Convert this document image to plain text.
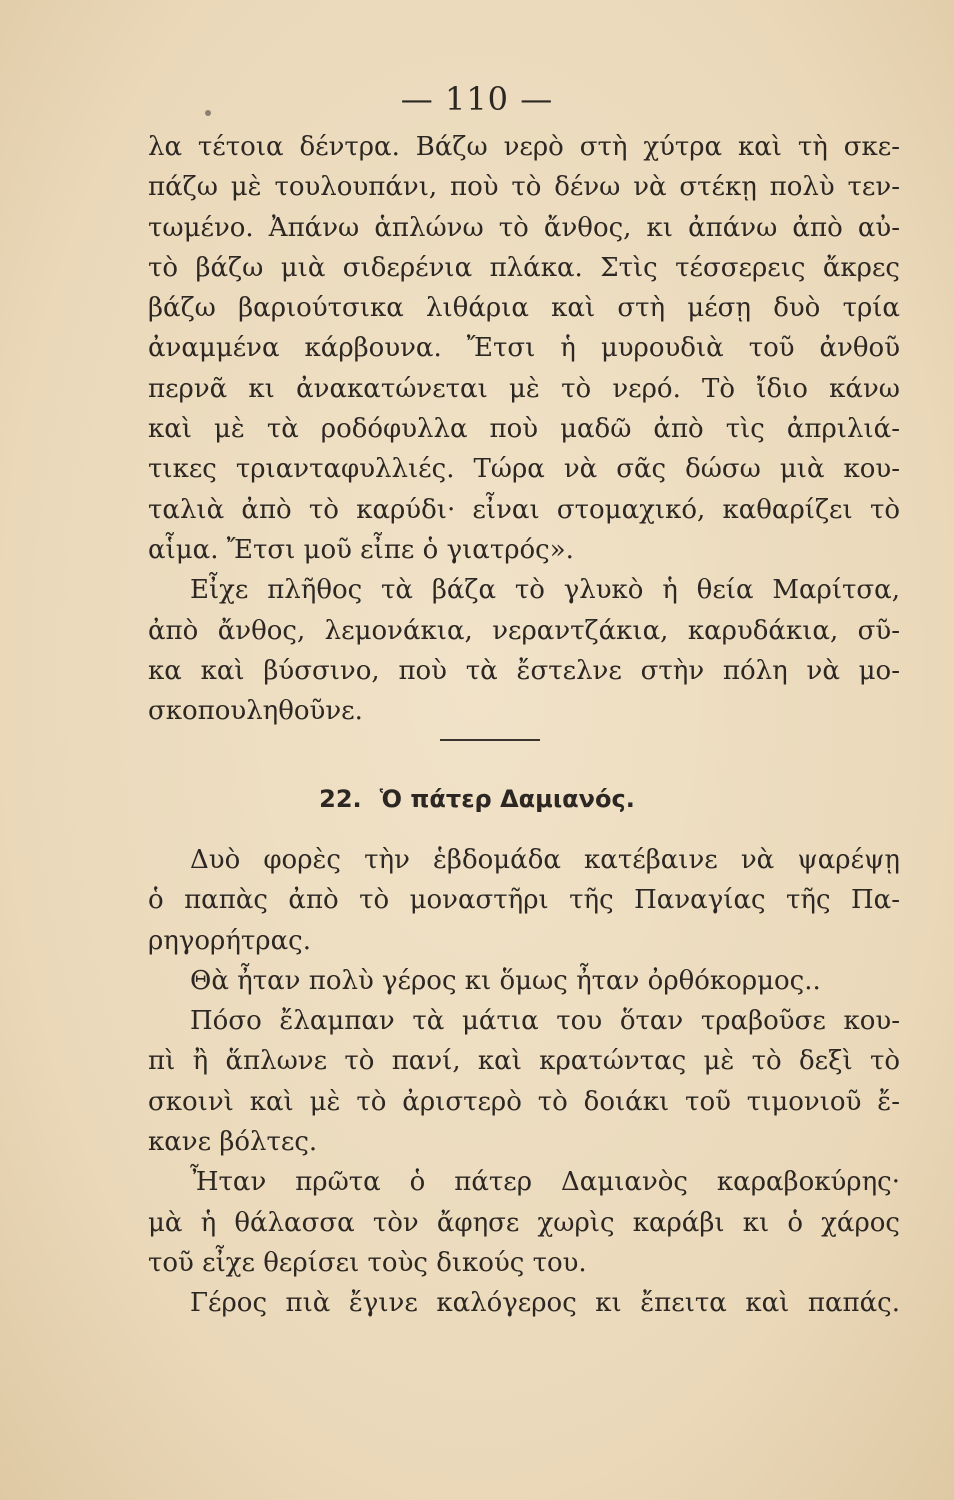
— 110 —
λα τέτοια δέντρα. Βάζω νερὸ στὴ χύτρα καὶ τὴ σκε-
πάζω μὲ τουλουπάνι, ποὺ τὸ δένω νὰ στέκῃ πολὺ τεν-
τωμένο. Ἀπάνω ἁπλώνω τὸ ἄνθος, κι ἀπάνω ἀπὸ αὐ-
τὸ βάζω μιὰ σιδερένια πλάκα. Στὶς τέσσερεις ἄκρες
βάζω βαριούτσικα λιθάρια καὶ στὴ μέσῃ δυὸ τρία
ἀναμμένα κάρβουνα. Ἔτσι ἡ μυρουδιὰ τοῦ ἀνθοῦ
περνᾶ κι ἀνακατώνεται μὲ τὸ νερό. Τὸ ἴδιο κάνω
καὶ μὲ τὰ ροδόφυλλα ποὺ μαδῶ ἀπὸ τὶς ἀπριλιά-
τικες τριανταφυλλιές. Τώρα νὰ σᾶς δώσω μιὰ κου-
ταλιὰ ἀπὸ τὸ καρύδι· εἶναι στομαχικό, καθαρίζει τὸ
αἷμα. Ἔτσι μοῦ εἶπε ὁ γιατρός».
Εἶχε πλῆθος τὰ βάζα τὸ γλυκὸ ἡ θεία Μαρίτσα,
ἀπὸ ἄνθος, λεμονάκια, νεραντζάκια, καρυδάκια, σῦ-
κα καὶ βύσσινο, ποὺ τὰ ἔστελνε στὴν πόλη νὰ μο-
σκοπουληθοῦνε.
22. Ὁ πάτερ Δαμιανός.
Δυὸ φορὲς τὴν ἑβδομάδα κατέβαινε νὰ ψαρέψῃ
ὁ παπὰς ἀπὸ τὸ μοναστῆρι τῆς Παναγίας τῆς Πα-
ρηγορήτρας.
Θὰ ἦταν πολὺ γέρος κι ὅμως ἦταν ὀρθόκορμος..
Πόσο ἔλαμπαν τὰ μάτια του ὅταν τραβοῦσε κου-
πὶ ἢ ἅπλωνε τὸ πανί, καὶ κρατώντας μὲ τὸ δεξὶ τὸ
σκοινὶ καὶ μὲ τὸ ἀριστερὸ τὸ δοιάκι τοῦ τιμονιοῦ ἔ-
κανε βόλτες.
Ἦταν πρῶτα ὁ πάτερ Δαμιανὸς καραβοκύρης·
μὰ ἡ θάλασσα τὸν ἄφησε χωρὶς καράβι κι ὁ χάρος
τοῦ εἶχε θερίσει τοὺς δικούς του.
Γέρος πιὰ ἔγινε καλόγερος κι ἔπειτα καὶ παπάς.
